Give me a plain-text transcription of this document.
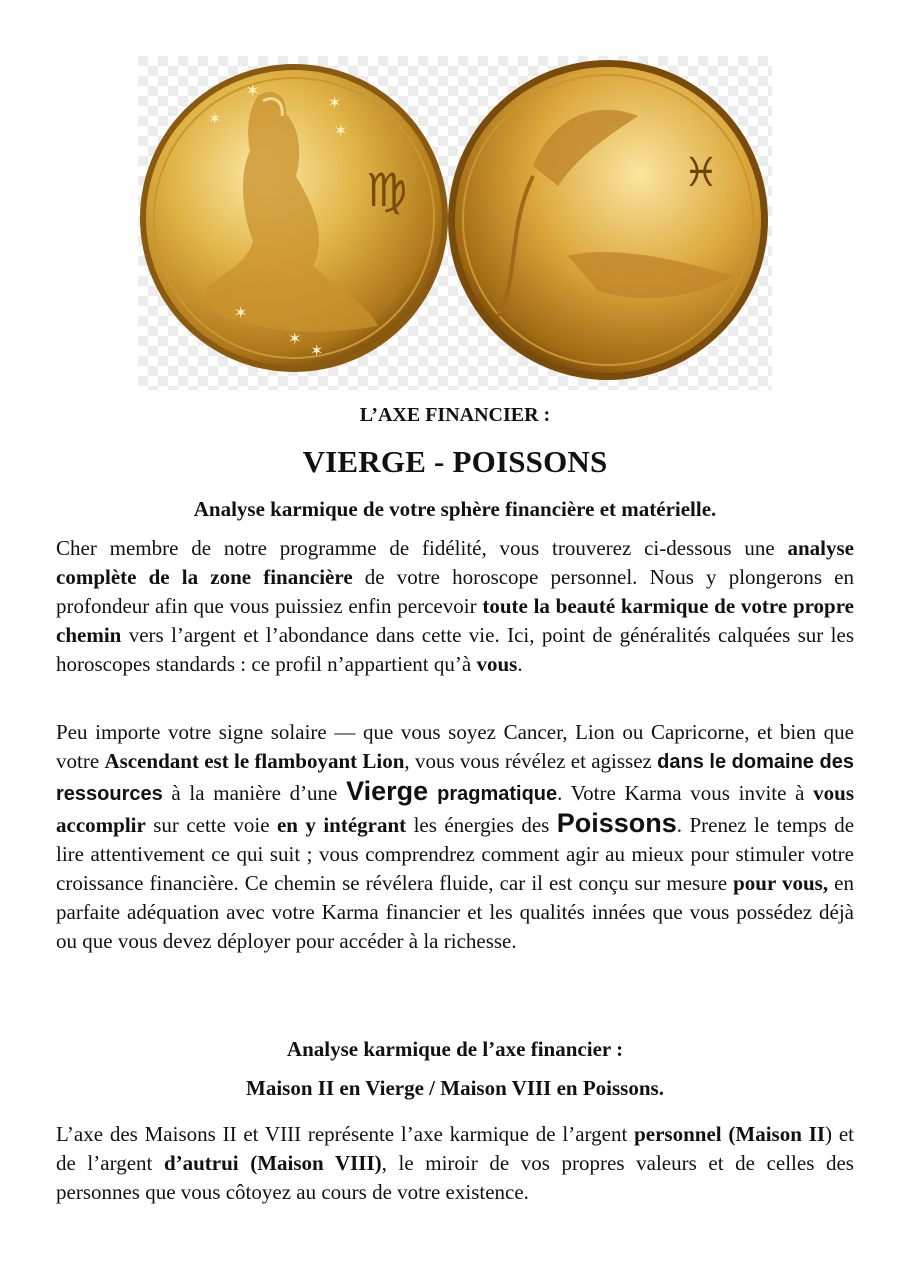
♍
✶
✶
✶
✶
✶
✶
✶
♓
L’AXE FINANCIER :
VIERGE - POISSONS
Analyse karmique de votre sphère financière et matérielle.

Cher membre de notre programme de fidélité, vous trouverez ci-dessous une analyse complète de la zone financière de votre horoscope personnel. Nous y plongerons en profondeur afin que vous puissiez enfin percevoir toute la beauté karmique de votre propre chemin vers l’argent et l’abondance dans cette vie. Ici, point de généralités calquées sur les horoscopes standards : ce profil n’appartient qu’à vous.

Peu importe votre signe solaire — que vous soyez Cancer, Lion ou Capricorne, et bien que votre Ascendant est le flamboyant Lion, vous vous révélez et agissez dans le domaine des ressources à la manière d’une Vierge pragmatique. Votre Karma vous invite à vous accomplir sur cette voie en y intégrant les énergies des Poissons. Prenez le temps de lire attentivement ce qui suit ; vous comprendrez comment agir au mieux pour stimuler votre croissance financière. Ce chemin se révélera fluide, car il est conçu sur mesure pour vous, en parfaite adéquation avec votre Karma financier et les qualités innées que vous possédez déjà ou que vous devez déployer pour accéder à la richesse.

Analyse karmique de l’axe financier :
Maison II en Vierge / Maison VIII en Poissons.

L’axe des Maisons II et VIII représente l’axe karmique de l’argent personnel (Maison II) et de l’argent d’autrui (Maison VIII), le miroir de vos propres valeurs et de celles des personnes que vous côtoyez au cours de votre existence.
